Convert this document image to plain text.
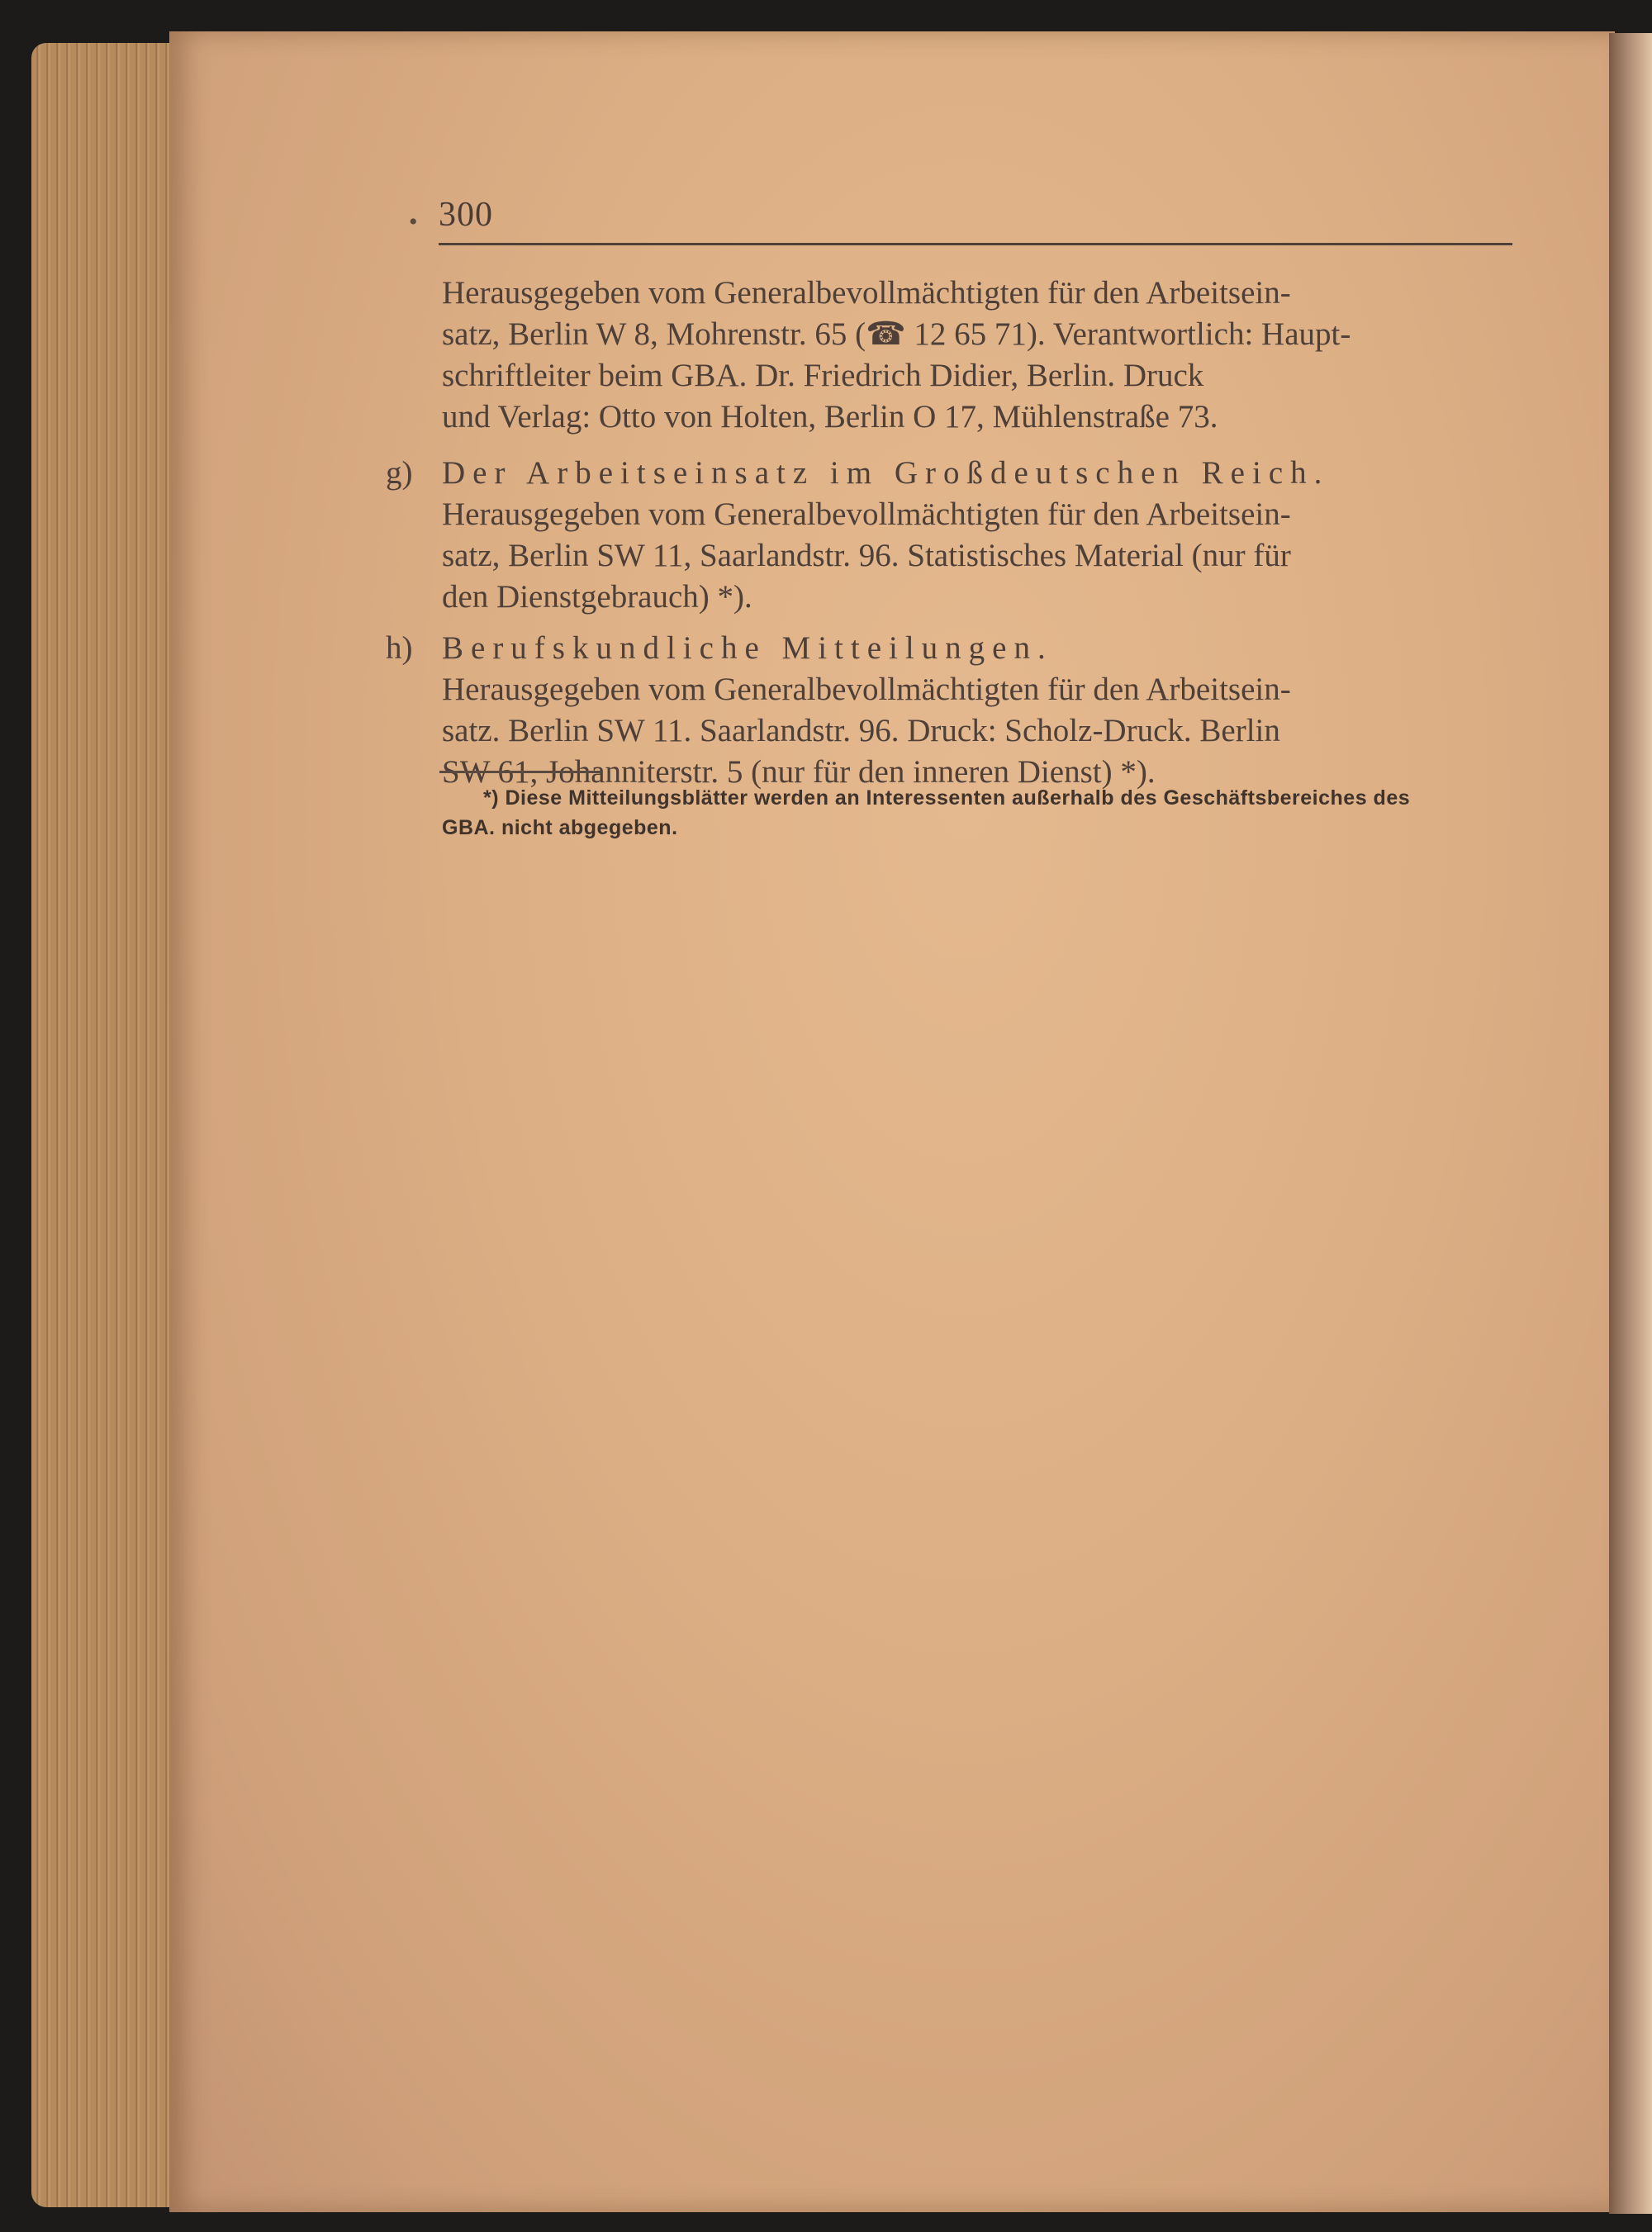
• 300
Herausgegeben vom Generalbevollmächtigten für den Arbeitsein-
satz, Berlin W 8, Mohrenstr. 65 (☎ 12 65 71). Verantwortlich: Haupt-
schriftleiter beim GBA. Dr. Friedrich Didier, Berlin. Druck
und Verlag: Otto von Holten, Berlin O 17, Mühlenstraße 73.
g) Der Arbeitseinsatz im Großdeutschen Reich.
Herausgegeben vom Generalbevollmächtigten für den Arbeitsein-
satz, Berlin SW 11, Saarlandstr. 96. Statistisches Material (nur für
den Dienstgebrauch) *).
h) Berufskundliche Mitteilungen.
Herausgegeben vom Generalbevollmächtigten für den Arbeitsein-
satz. Berlin SW 11. Saarlandstr. 96. Druck: Scholz-Druck. Berlin
SW 61, Johanniterstr. 5 (nur für den inneren Dienst) *).
*) Diese Mitteilungsblätter werden an Interessenten außerhalb des Geschäftsbereiches des
GBA. nicht abgegeben.
